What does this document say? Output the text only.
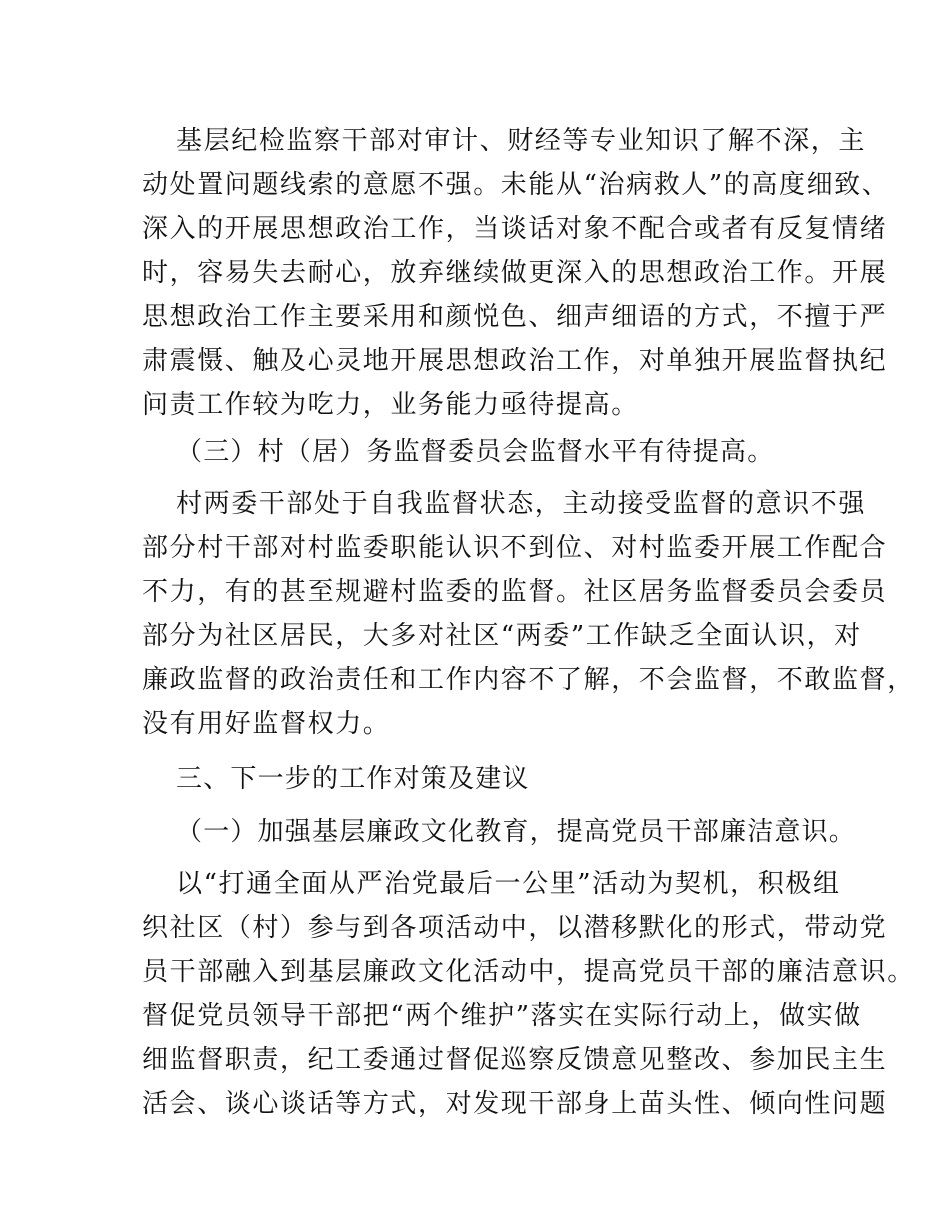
基层纪检监察干部对审计、财经等专业知识了解不深，主
动处置问题线索的意愿不强。未能从“治病救人”的高度细致、
深入的开展思想政治工作，当谈话对象不配合或者有反复情绪
时，容易失去耐心，放弃继续做更深入的思想政治工作。开展
思想政治工作主要采用和颜悦色、细声细语的方式，不擅于严
肃震慑、触及心灵地开展思想政治工作，对单独开展监督执纪
问责工作较为吃力，业务能力亟待提高。
（三）村（居）务监督委员会监督水平有待提高。
村两委干部处于自我监督状态，主动接受监督的意识不强
部分村干部对村监委职能认识不到位、对村监委开展工作配合
不力，有的甚至规避村监委的监督。社区居务监督委员会委员
部分为社区居民，大多对社区“两委”工作缺乏全面认识，对
廉政监督的政治责任和工作内容不了解，不会监督，不敢监督，
没有用好监督权力。
三、下一步的工作对策及建议
（一）加强基层廉政文化教育，提高党员干部廉洁意识。
以“打通全面从严治党最后一公里”活动为契机，积极组
织社区（村）参与到各项活动中，以潜移默化的形式，带动党
员干部融入到基层廉政文化活动中，提高党员干部的廉洁意识。
督促党员领导干部把“两个维护”落实在实际行动上，做实做
细监督职责，纪工委通过督促巡察反馈意见整改、参加民主生
活会、谈心谈话等方式，对发现干部身上苗头性、倾向性问题
